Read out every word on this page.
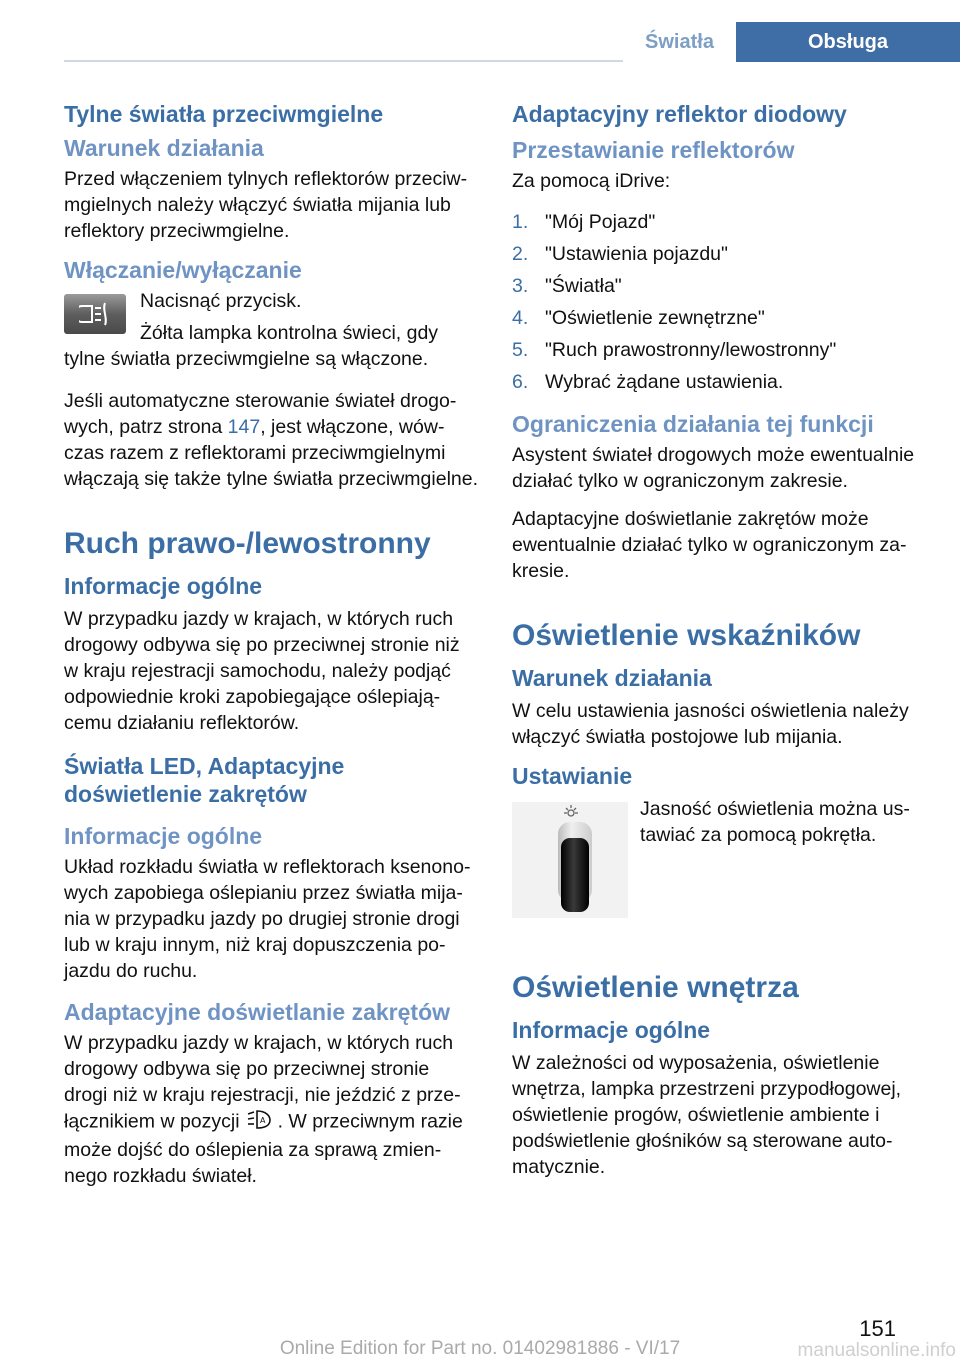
Światła	Obsługa
Tylne światła przeciwmgielne
Warunek działania

Przed włączeniem tylnych reflektorów przeciwmgielnych należy włączyć światła mijania lub reflektory przeciwmgielne.

Włączanie/wyłączanie

Nacisnąć przycisk.

Żółta lampka kontrolna świeci, gdy tylne światła przeciwmgielne są włączone.

Jeśli automatyczne sterowanie świateł drogowych, patrz strona 147, jest włączone, wówczas razem z reflektorami przeciwmgielnymi włączają się także tylne światła przeciwmgielne.

Ruch prawo-/lewostronny
Informacje ogólne

W przypadku jazdy w krajach, w których ruch drogowy odbywa się po przeciwnej stronie niż w kraju rejestracji samochodu, należy podjąć odpowiednie kroki zapobiegające oślepiającemu działaniu reflektorów.

Światła LED, Adaptacyjne doświetlenie zakrętów
Informacje ogólne

Układ rozkładu światła w reflektorach ksenonowych zapobiega oślepianiu przez światła mijania w przypadku jazdy po drugiej stronie drogi lub w kraju innym, niż kraj dopuszczenia pojazdu do ruchu.

Adaptacyjne doświetlanie zakrętów

W przypadku jazdy w krajach, w których ruch drogowy odbywa się po przeciwnej stronie drogi niż w kraju rejestracji, nie jeździć z przełącznikiem w pozycji	A . W przeciwnym razie może dojść do oślepienia za sprawą zmiennego rozkładu świateł.

Adaptacyjny reflektor diodowy
Przestawianie reflektorów

Za pomocą iDrive:

1. "Mój Pojazd"
2. "Ustawienia pojazdu"
3. "Światła"
4. "Oświetlenie zewnętrzne"
5. "Ruch prawostronny/lewostronny"
6. Wybrać żądane ustawienia.
Ograniczenia działania tej funkcji

Asystent świateł drogowych może ewentualnie działać tylko w ograniczonym zakresie.

Adaptacyjne doświetlanie zakrętów może ewentualnie działać tylko w ograniczonym zakresie.

Oświetlenie wskaźników
Warunek działania

W celu ustawienia jasności oświetlenia należy włączyć światła postojowe lub mijania.

Ustawianie

Jasność oświetlenia można ustawiać za pomocą pokrętła.

Oświetlenie wnętrza
Informacje ogólne

W zależności od wyposażenia, oświetlenie wnętrza, lampka przestrzeni przypodłogowej, oświetlenie progów, oświetlenie ambiente i podświetlenie głośników są sterowane automatycznie.

151
Online Edition for Part no. 01402981886 - VI/17	manualsonline.info
